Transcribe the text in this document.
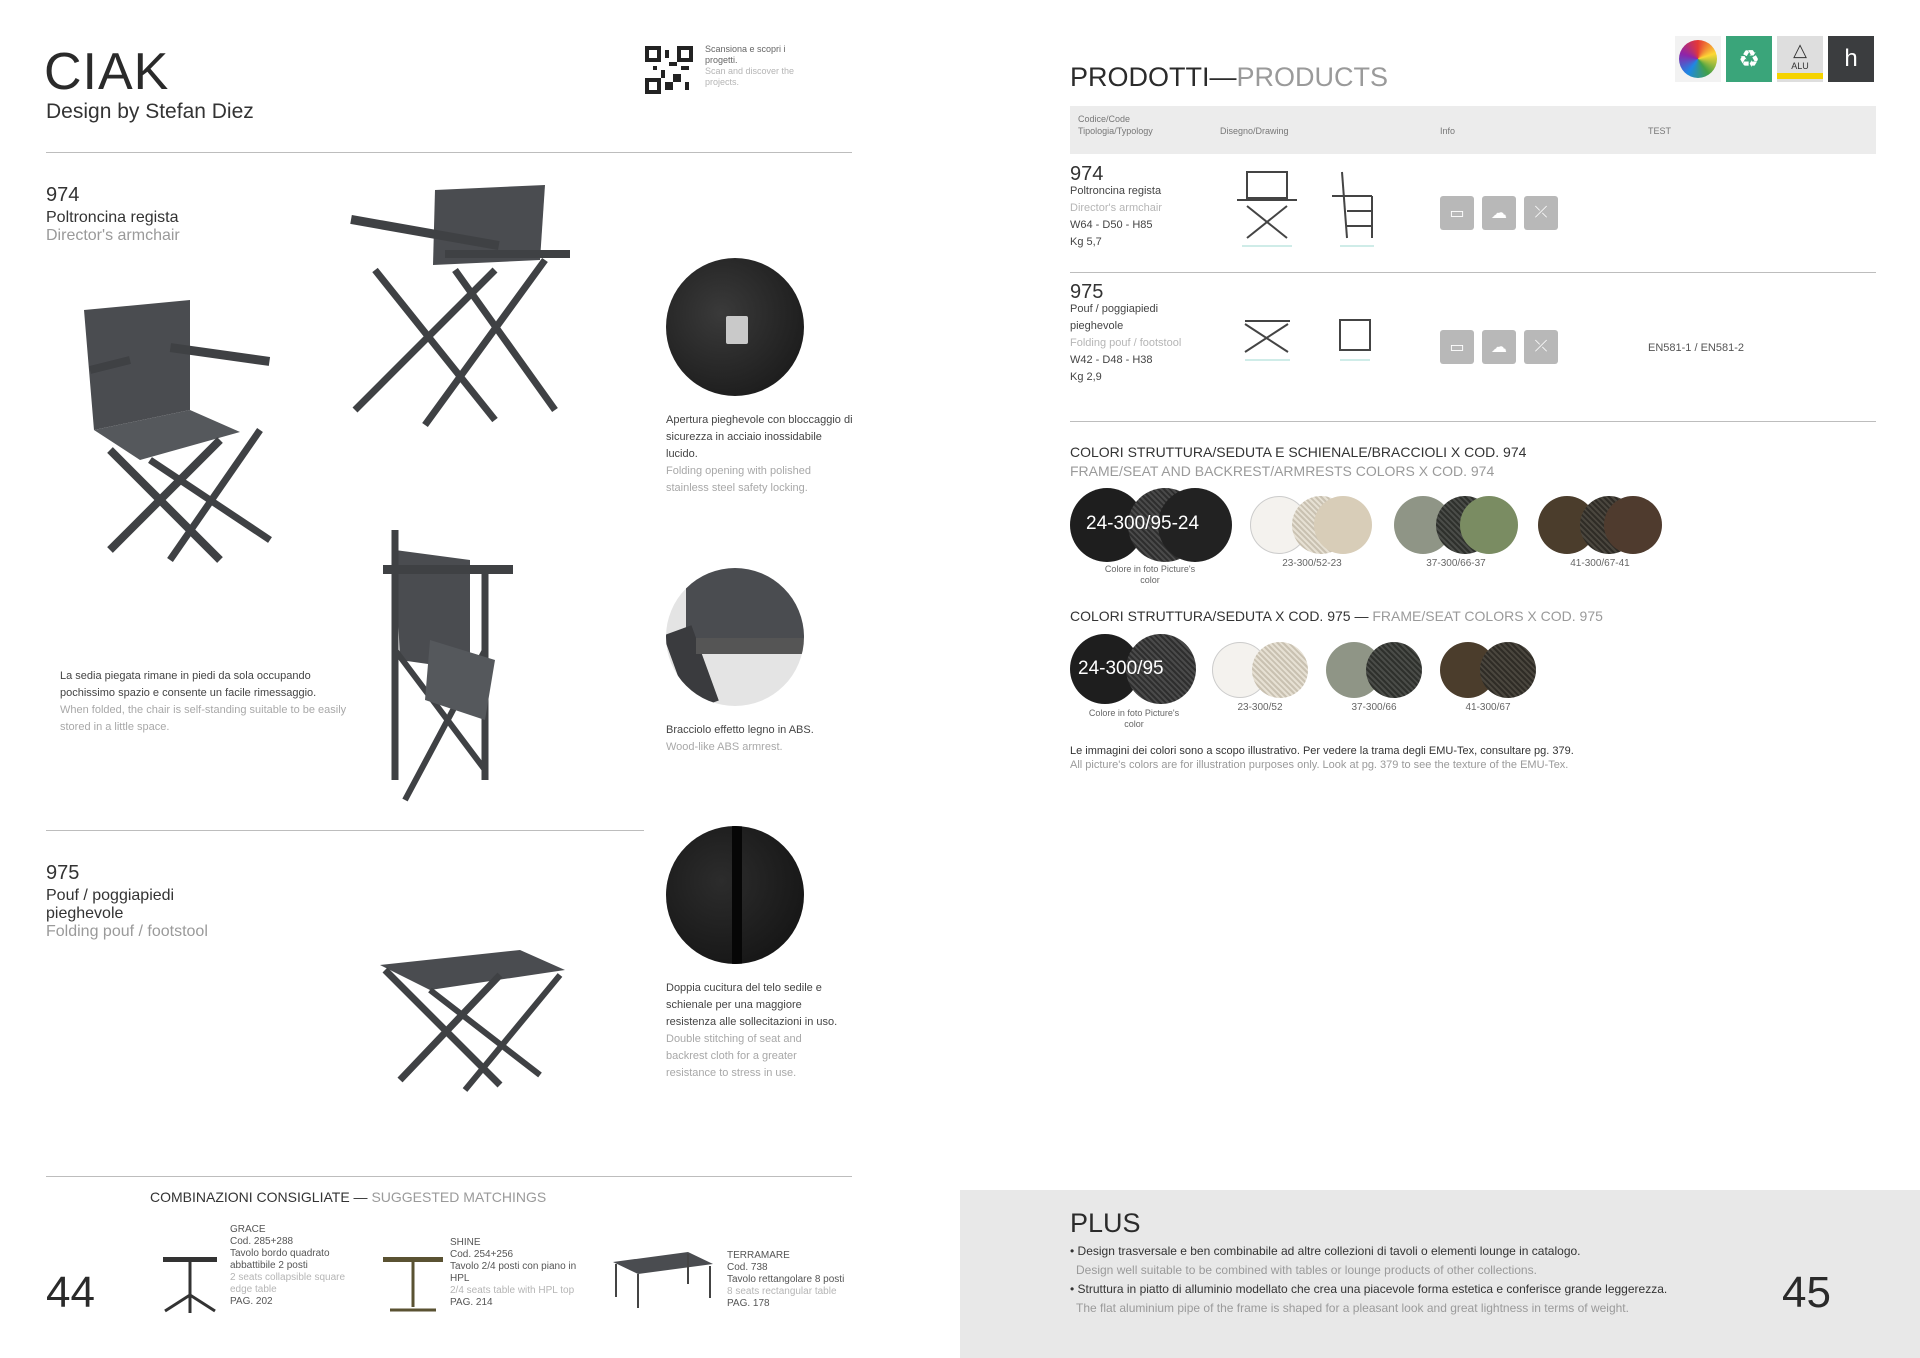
CIAK
Design by Stefan Diez
Scansiona e scopri i progetti.
Scan and discover the projects.
974
Poltroncina regista
Director's armchair
La sedia piegata rimane in piedi da sola occupando pochissimo spazio e consente un facile rimessaggio.
When folded, the chair is self-standing suitable to be easily stored in a little space.
Apertura pieghevole con bloccaggio di sicurezza in acciaio inossidabile lucido.
Folding opening with polished stainless steel safety locking.
Bracciolo effetto legno in ABS.
Wood-like ABS armrest.
Doppia cucitura del telo sedile e schienale per una maggiore resistenza alle sollecitazioni in uso.
Double stitching of seat and backrest cloth for a greater resistance to stress in use.
975
Pouf / poggiapiedi pieghevole
Folding pouf / footstool
COMBINAZIONI CONSIGLIATE — SUGGESTED MATCHINGS
GRACE
Cod. 285+288
Tavolo bordo quadrato abbattibile 2 posti
2 seats collapsible square edge table
PAG. 202
SHINE
Cod. 254+256
Tavolo 2/4 posti con piano in HPL
2/4 seats table with HPL top
PAG. 214
TERRAMARE
Cod. 738
Tavolo rettangolare 8 posti
8 seats rectangular table
PAG. 178
44
PRODOTTI—PRODUCTS
♻	△
ALU	h
Codice/Code
Tipologia/Typology	Disegno/Drawing	Info	TEST
974
Poltroncina regista
Director's armchair
W64 - D50 - H85
Kg 5,7
▭	☁	⤫
975
Pouf / poggiapiedi pieghevole
Folding pouf / footstool
W42 - D48 - H38
Kg 2,9
▭	☁	⤫	EN581-1 / EN581-2
COLORI STRUTTURA/SEDUTA E SCHIENALE/BRACCIOLI X COD. 974
FRAME/SEAT AND BACKREST/ARMRESTS COLORS X COD. 974
24-300/95-24
Colore in foto Picture's color
23-300/52-23	37-300/66-37	41-300/67-41
COLORI STRUTTURA/SEDUTA X COD. 975 — FRAME/SEAT COLORS X COD. 975
24-300/95
Colore in foto Picture's color
23-300/52	37-300/66	41-300/67
Le immagini dei colori sono a scopo illustrativo. Per vedere la trama degli EMU-Tex, consultare pg. 379.
All picture's colors are for illustration purposes only. Look at pg. 379 to see the texture of the EMU-Tex.
PLUS
• Design trasversale e ben combinabile ad altre collezioni di tavoli o elementi lounge in catalogo.
Design well suitable to be combined with tables or lounge products of other collections.
• Struttura in piatto di alluminio modellato che crea una piacevole forma estetica e conferisce grande leggerezza.
The flat aluminium pipe of the frame is shaped for a pleasant look and great lightness in terms of weight.	45
